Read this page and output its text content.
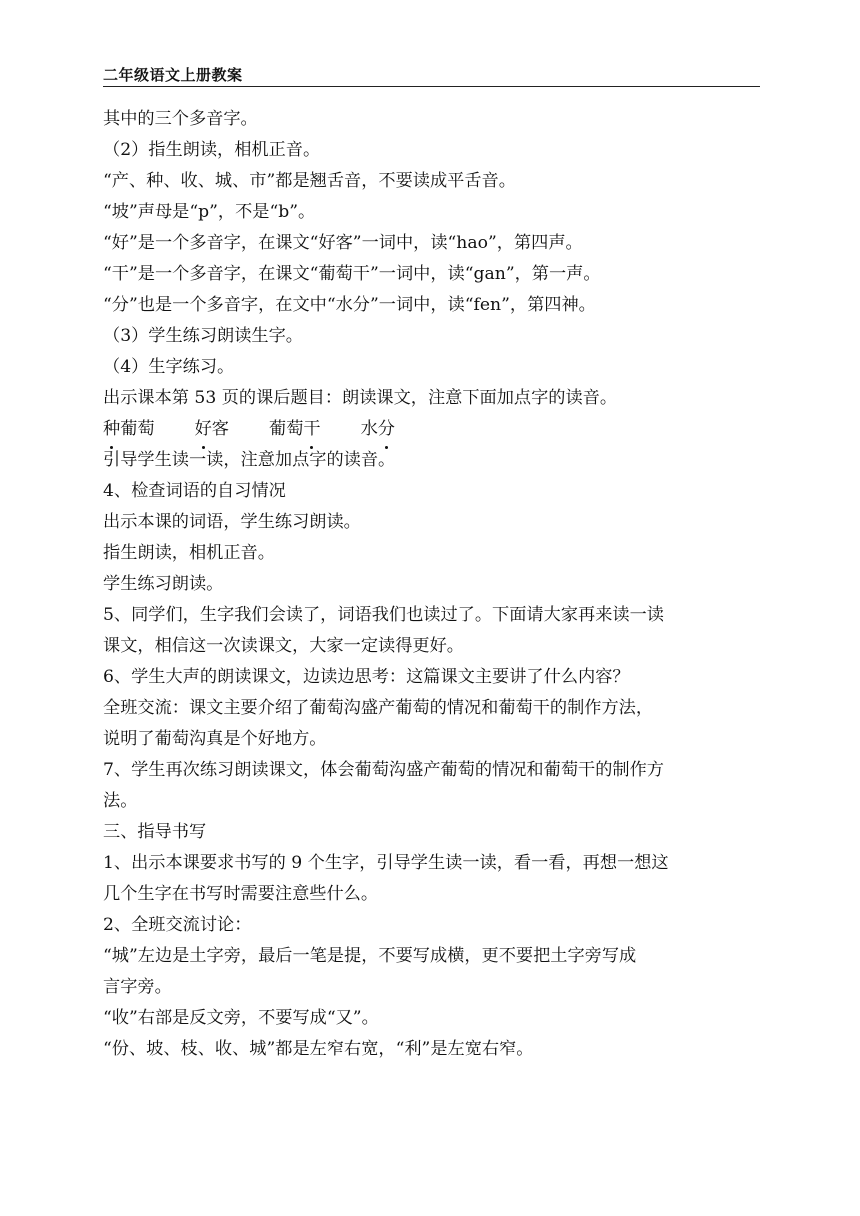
二年级语文上册教案
其中的三个多音字。
（2）指生朗读，相机正音。
“产、种、收、城、市”都是翘舌音，不要读成平舌音。
“坡”声母是“p”，不是“b”。
“好”是一个多音字，在课文“好客”一词中，读“hao”，第四声。
“干”是一个多音字，在课文“葡萄干”一词中，读“gan”，第一声。
“分”也是一个多音字，在文中“水分”一词中，读“fen”，第四神。
（3）学生练习朗读生字。
（4）生字练习。
出示课本第 53 页的课后题目：朗读课文，注意下面加点字的读音。
种葡萄 好客 葡萄干 水分
引导学生读一读，注意加点字的读音。
4、检查词语的自习情况
出示本课的词语，学生练习朗读。
指生朗读，相机正音。
学生练习朗读。
5、同学们，生字我们会读了，词语我们也读过了。下面请大家再来读一读
课文，相信这一次读课文，大家一定读得更好。
6、学生大声的朗读课文，边读边思考：这篇课文主要讲了什么内容？
全班交流：课文主要介绍了葡萄沟盛产葡萄的情况和葡萄干的制作方法，
说明了葡萄沟真是个好地方。
7、学生再次练习朗读课文，体会葡萄沟盛产葡萄的情况和葡萄干的制作方
法。
三、指导书写
1、出示本课要求书写的 9 个生字，引导学生读一读，看一看，再想一想这
几个生字在书写时需要注意些什么。
2、全班交流讨论：
“城”左边是土字旁，最后一笔是提，不要写成横，更不要把土字旁写成
言字旁。
“收”右部是反文旁，不要写成“又”。
“份、坡、枝、收、城”都是左窄右宽，“利”是左宽右窄。
